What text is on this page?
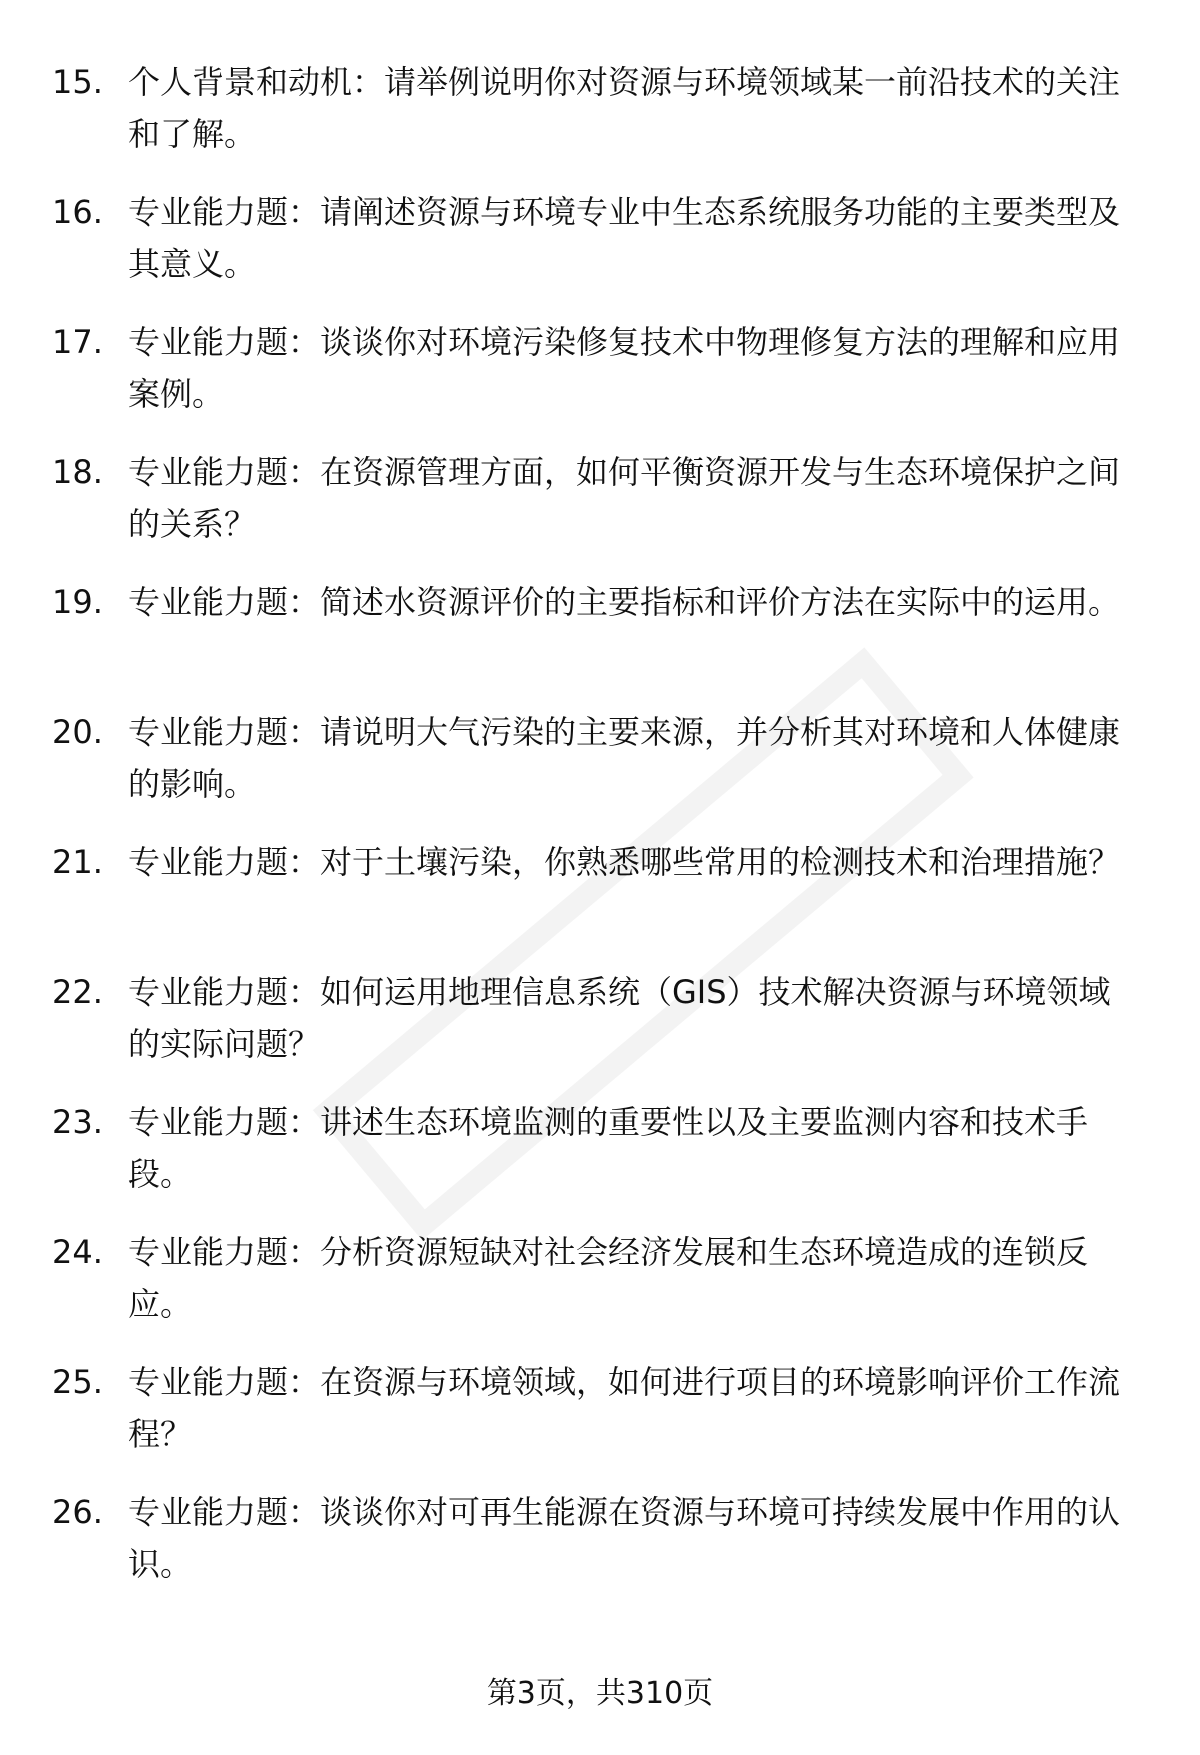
15. 个人背景和动机：请举例说明你对资源与环境领域某一前沿技术的关注和了解。
16. 专业能力题：请阐述资源与环境专业中生态系统服务功能的主要类型及其意义。
17. 专业能力题：谈谈你对环境污染修复技术中物理修复方法的理解和应用案例。
18. 专业能力题：在资源管理方面，如何平衡资源开发与生态环境保护之间的关系？
19. 专业能力题：简述水资源评价的主要指标和评价方法在实际中的运用。
20. 专业能力题：请说明大气污染的主要来源，并分析其对环境和人体健康的影响。
21. 专业能力题：对于土壤污染，你熟悉哪些常用的检测技术和治理措施？
22. 专业能力题：如何运用地理信息系统（GIS）技术解决资源与环境领域的实际问题？
23. 专业能力题：讲述生态环境监测的重要性以及主要监测内容和技术手段。
24. 专业能力题：分析资源短缺对社会经济发展和生态环境造成的连锁反应。
25. 专业能力题：在资源与环境领域，如何进行项目的环境影响评价工作流程？
26. 专业能力题：谈谈你对可再生能源在资源与环境可持续发展中作用的认识。
第3页，共310页
